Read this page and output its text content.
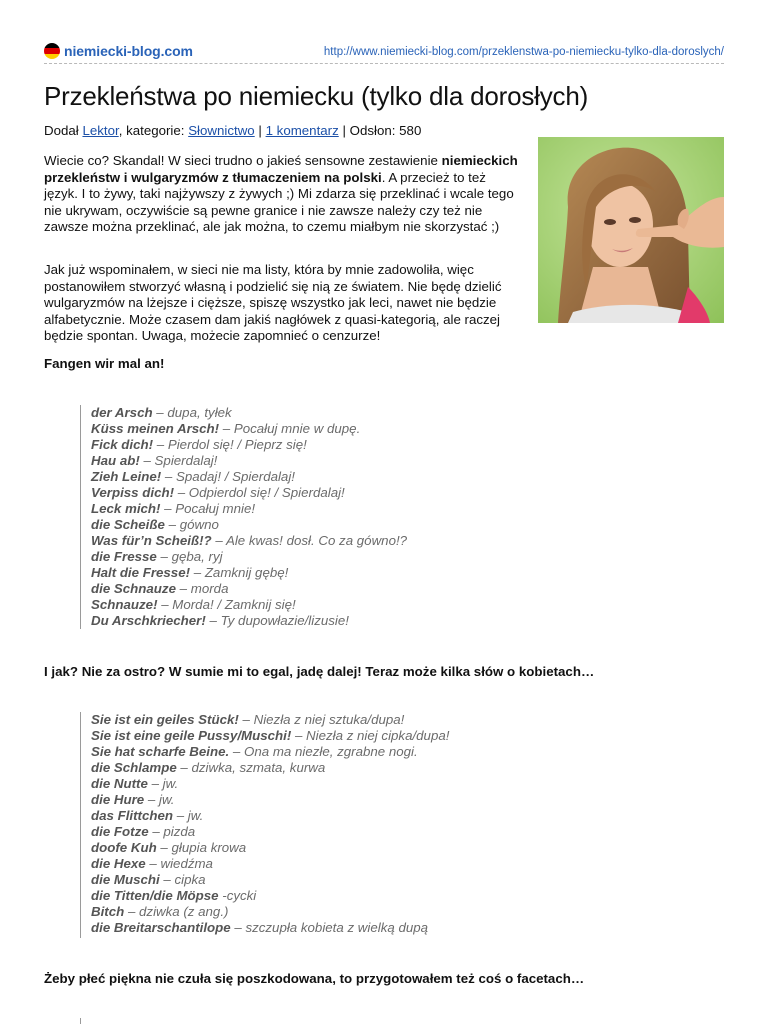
niemiecki-blog.com	http://www.niemiecki-blog.com/przeklenstwa-po-niemiecku-tylko-dla-doroslych/
Przekleństwa po niemiecku (tylko dla dorosłych)
Dodał Lektor, kategorie: Słownictwo | 1 komentarz | Odsłon: 580

Wiecie co? Skandal! W sieci trudno o jakieś sensowne zestawienie niemieckich przekleństw i wulgaryzmów z tłumaczeniem na polski. A przecież to też język. I to żywy, taki najżywszy z żywych ;) Mi zdarza się przeklinać i wcale tego nie ukrywam, oczywiście są pewne granice i nie zawsze należy czy też nie zawsze można przeklinać, ale jak można, to czemu miałbym nie skorzystać ;)

Jak już wspominałem, w sieci nie ma listy, która by mnie zadowoliła, więc postanowiłem stworzyć własną i podzielić się nią ze światem. Nie będę dzielić wulgaryzmów na lżejsze i cięższe, spiszę wszystko jak leci, nawet nie będzie alfabetycznie. Może czasem dam jakiś nagłówek z quasi-kategorią, ale raczej będzie spontan. Uwaga, możecie zapomnieć o cenzurze!

Fangen wir mal an!
der Arsch – dupa, tyłek
Küss meinen Arsch! – Pocałuj mnie w dupę.
Fick dich! – Pierdol się! / Pieprz się!
Hau ab! – Spierdalaj!
Zieh Leine! – Spadaj! / Spierdalaj!
Verpiss dich! – Odpierdol się! / Spierdalaj!
Leck mich! – Pocałuj mnie!
die Scheiße – gówno
Was für’n Scheiß!? – Ale kwas! dosł. Co za gówno!?
die Fresse – gęba, ryj
Halt die Fresse! – Zamknij gębę!
die Schnauze – morda
Schnauze! – Morda! / Zamknij się!
Du Arschkriecher! – Ty dupowłazie/lizusie!
I jak? Nie za ostro? W sumie mi to egal, jadę dalej! Teraz może kilka słów o kobietach…
Sie ist ein geiles Stück! – Niezła z niej sztuka/dupa!
Sie ist eine geile Pussy/Muschi! – Niezła z niej cipka/dupa!
Sie hat scharfe Beine. – Ona ma niezłe, zgrabne nogi.
die Schlampe – dziwka, szmata, kurwa
die Nutte – jw.
die Hure – jw.
das Flittchen – jw.
die Fotze – pizda
doofe Kuh – głupia krowa
die Hexe – wiedźma
die Muschi – cipka
die Titten/die Möpse -cycki
Bitch – dziwka (z ang.)
die Breitarschantilope – szczupła kobieta z wielką dupą
Żeby płeć piękna nie czuła się poszkodowana, to przygotowałem też coś o facetach…
